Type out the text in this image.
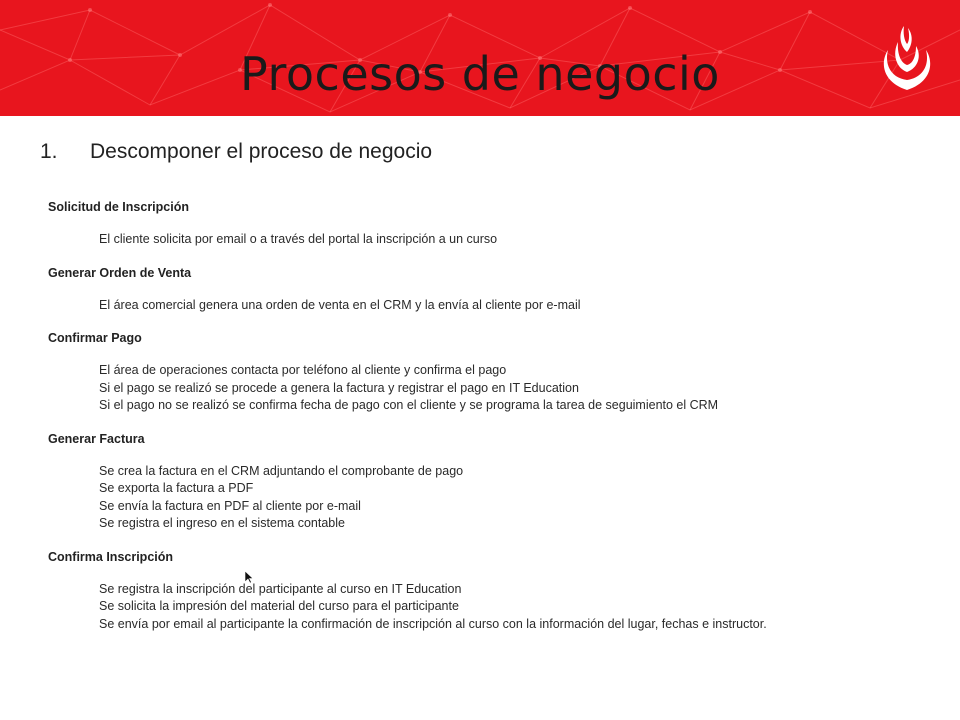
Procesos de negocio
1. Descomponer el proceso de negocio
Solicitud de Inscripción
El cliente solicita por email o a través del portal la inscripción a un curso
Generar Orden de Venta
El área comercial genera una orden de venta en el CRM y la envía al cliente por e-mail
Confirmar Pago
El área de operaciones contacta por teléfono al cliente y confirma el pago
Si el pago se realizó se procede a genera la factura y registrar el pago en IT Education
Si el pago no se realizó se confirma fecha de pago con el cliente y se programa la tarea de seguimiento el CRM
Generar Factura
Se crea la factura en el CRM adjuntando el comprobante de pago
Se exporta la factura a PDF
Se envía la factura en PDF al cliente por e-mail
Se registra el ingreso en el sistema contable
Confirma Inscripción
Se registra la inscripción del participante al curso en IT Education
Se solicita la impresión del material del curso para el participante
Se envía por email al participante la confirmación de inscripción al curso con la información del lugar, fechas e instructor.
